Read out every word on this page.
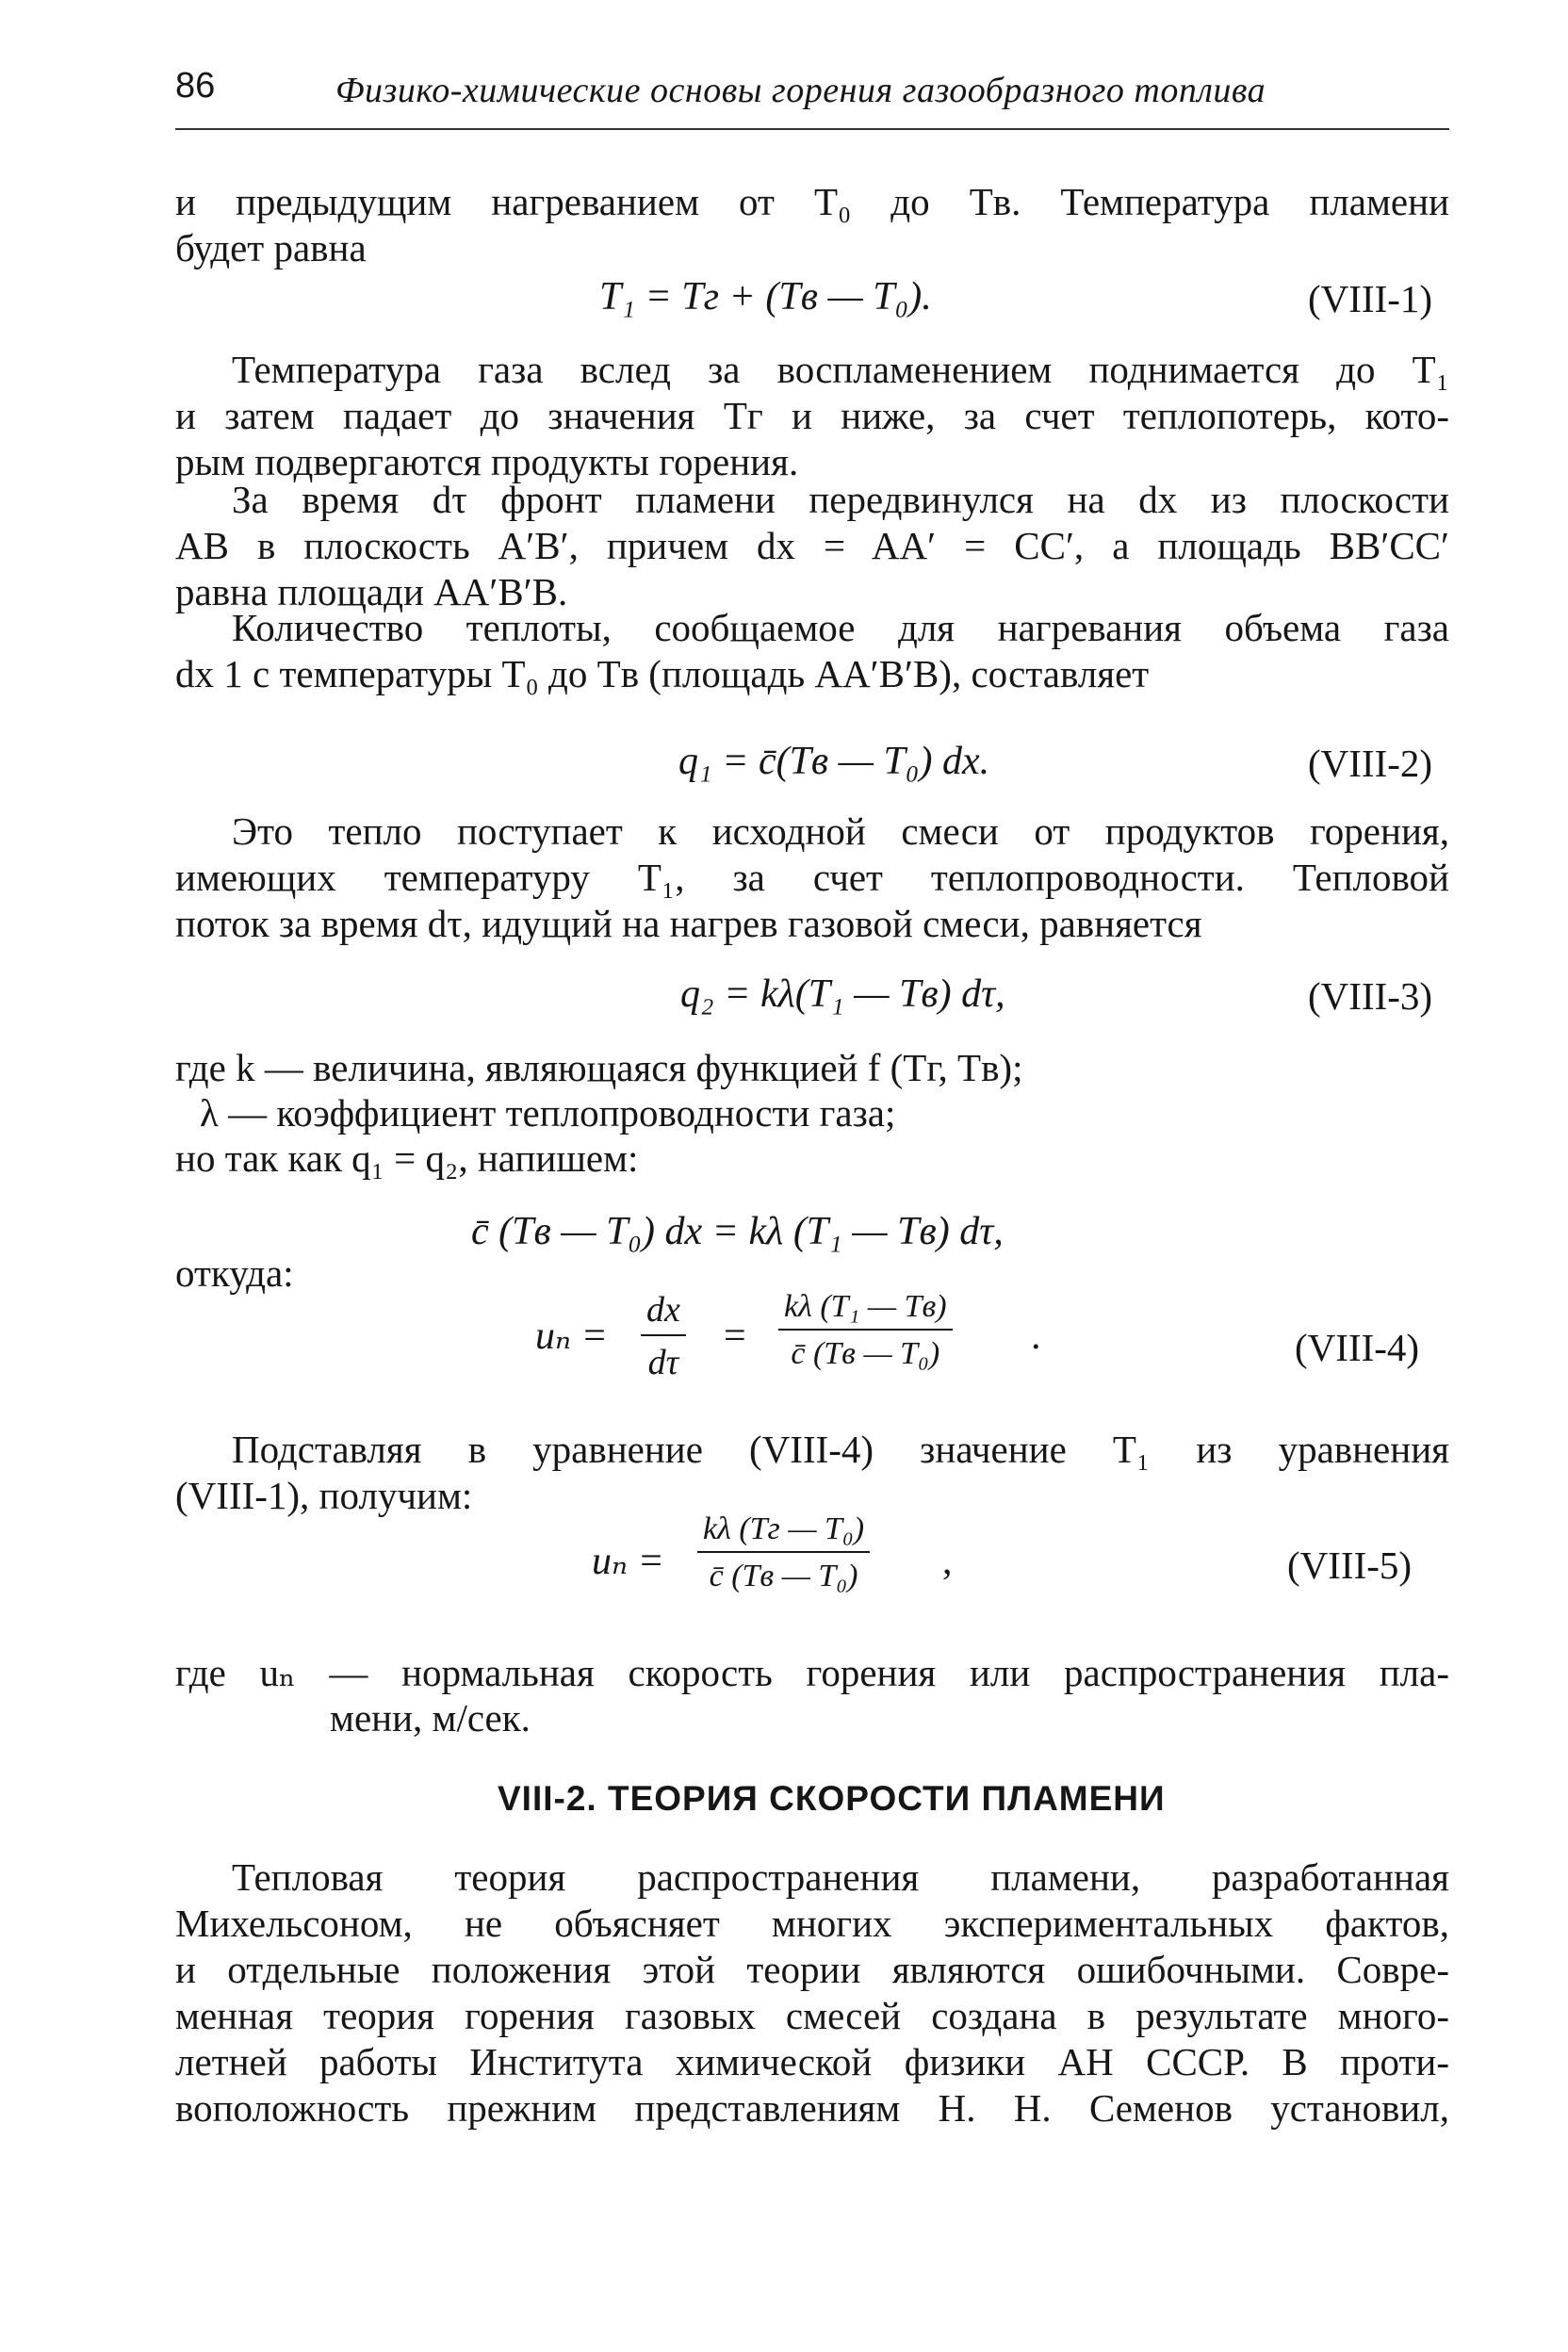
86	Физико-химические основы горения газообразного топлива
и предыдущим нагреванием от T₀ до Tв. Температура пламени
будет равна
T₁ = Tг + (Tв — T₀).	(VIII-1)
Температура газа вслед за воспламенением поднимается до T₁
и затем падает до значения Tг и ниже, за счет теплопотерь, кото-
рым подвергаются продукты горения.
За время dτ фронт пламени передвинулся на dx из плоскости
AB в плоскость A′B′, причем dx = AA′ = CC′, а площадь BB′CC′
равна площади AA′B′B.
Количество теплоты, сообщаемое для нагревания объема газа
dx 1 с температуры T₀ до Tв (площадь AA′B′B), составляет
q₁ = c̄(Tв — T₀) dx.	(VIII-2)
Это тепло поступает к исходной смеси от продуктов горения,
имеющих температуру T₁, за счет теплопроводности. Тепловой
поток за время dτ, идущий на нагрев газовой смеси, равняется
q₂ = kλ(T₁ — Tв) dτ,	(VIII-3)
где k — величина, являющаяся функцией f (Tг, Tв);
λ — коэффициент теплопроводности газа;
но так как q₁ = q₂, напишем:
c̄ (Tв — T₀) dx = kλ (T₁ — Tв) dτ,
откуда:
$u_n = \frac{dx}{d\tau}$ =
kλ (T₁ — Tв)
c̄ (Tв — T₀)	.	(VIII-4)
Подставляя в уравнение (VIII-4) значение T₁ из уравнения
(VIII-1), получим:
uₙ =
kλ (Tг — T₀)
c̄ (Tв — T₀)	,	(VIII-5)
где uₙ — нормальная скорость горения или распространения пла-
мени, м/сек.
VIII-2. ТЕОРИЯ СКОРОСТИ ПЛАМЕНИ
Тепловая теория распространения пламени, разработанная
Михельсоном, не объясняет многих экспериментальных фактов,
и отдельные положения этой теории являются ошибочными. Совре-
менная теория горения газовых смесей создана в результате много-
летней работы Института химической физики АН СССР. В проти-
воположность прежним представлениям Н. Н. Семенов установил,
